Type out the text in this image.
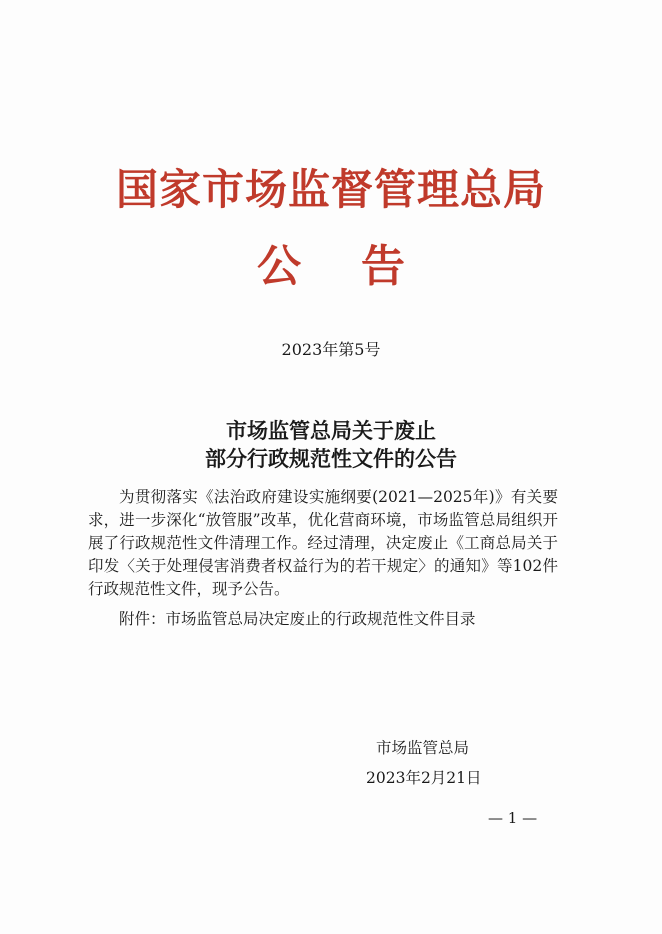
国家市场监督管理总局
公告
2023年第5号
市场监管总局关于废止
部分行政规范性文件的公告

为贯彻落实《法治政府建设实施纲要(2021—2025年)》有关要求，进一步深化“放管服”改革，优化营商环境，市场监管总局组织开展了行政规范性文件清理工作。经过清理，决定废止《工商总局关于印发〈关于处理侵害消费者权益行为的若干规定〉的通知》等102件行政规范性文件，现予公告。

附件：市场监管总局决定废止的行政规范性文件目录

市场监管总局
2023年2月21日
— 1 —
